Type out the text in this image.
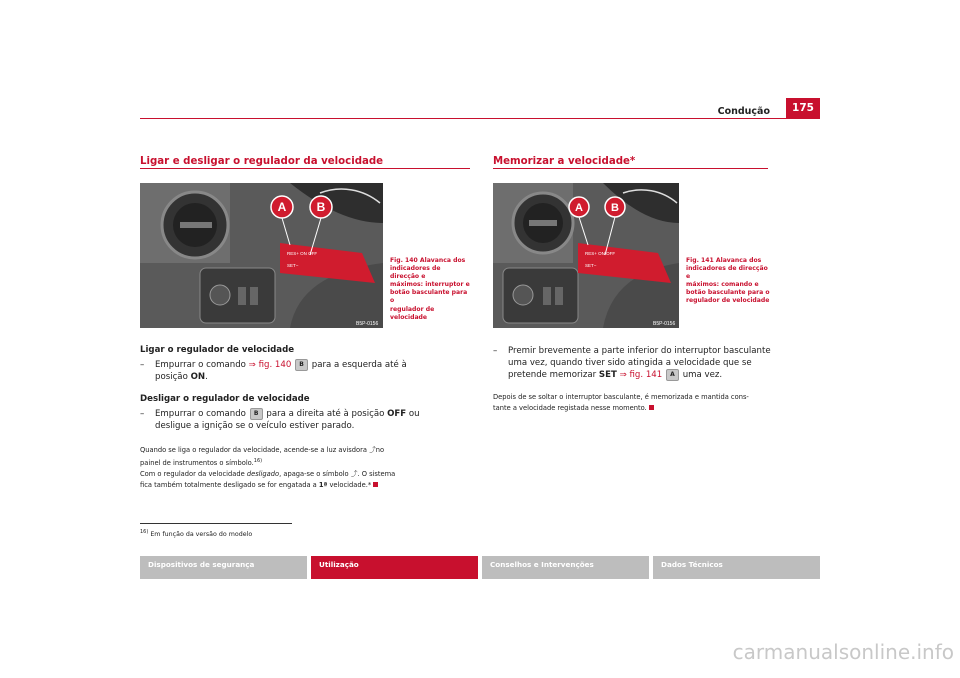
Condução	175
Ligar e desligar o regulador da velocidade
A	B
RES+ ON OFF
SET−
B5P-0156
Fig. 140 Alavanca dos
indicadores de direcção e
máximos: interruptor e
botão basculante para o
regulador de velocidade
Ligar o regulador de velocidade
– Empurrar o comando ⇒ fig. 140 B para a esquerda até à
posição ON.
Desligar o regulador de velocidade
– Empurrar o comando B para a direita até à posição OFF ou
desligue a ignição se o veículo estiver parado.
Quando se liga o regulador da velocidade, acende-se a luz avisdora ⤴no
painel de instrumentos o símbolo.$^{16)}$
Com o regulador da velocidade desligado, apaga-se o símbolo ⤴. O sistema
fica também totalmente desligado se for engatada a 1ª velocidade.*
$^{16)}$ Em função da versão do modelo
Memorizar a velocidade*
A	B
RES+ ON OFF
SET−
B5P-0156
Fig. 141 Alavanca dos
indicadores de direcção e
máximos: comando e
botão basculante para o
regulador de velocidade
– Premir brevemente a parte inferior do interruptor basculante
uma vez, quando tiver sido atingida a velocidade que se
pretende memorizar SET ⇒ fig. 141 A uma vez.
Depois de se soltar o interruptor basculante, é memorizada e mantida cons-
tante a velocidade registada nesse momento.
Dispositivos de segurança	Utilização	Conselhos e Intervenções	Dados Técnicos
carmanualsonline.info
